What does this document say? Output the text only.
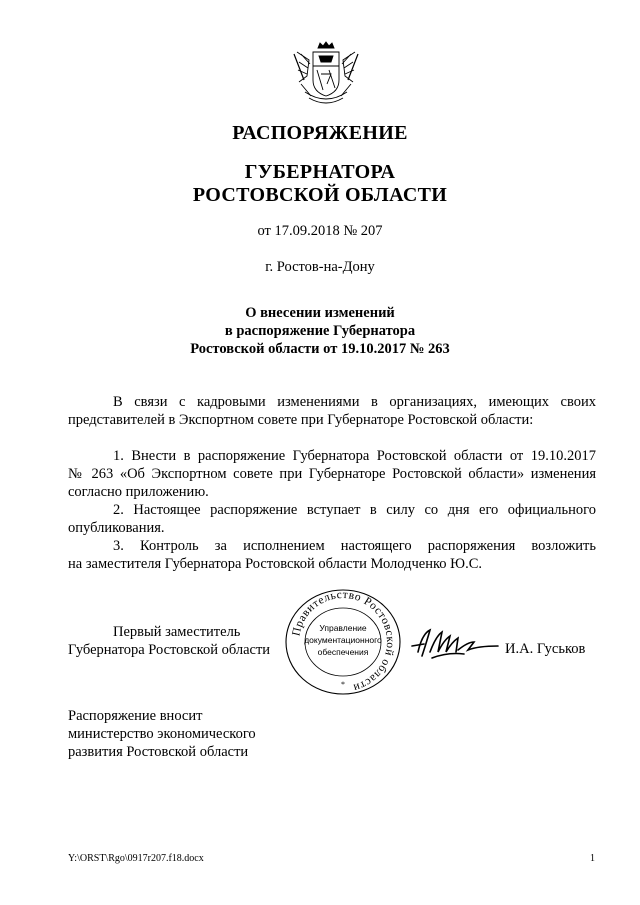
РАСПОРЯЖЕНИЕ
ГУБЕРНАТОРА
РОСТОВСКОЙ ОБЛАСТИ
от 17.09.2018 № 207
г. Ростов-на-Дону
О внесении изменений
в распоряжение Губернатора
Ростовской области от 19.10.2017 № 263
В связи с кадровыми изменениями в организациях, имеющих своих
представителей в Экспортном совете при Губернаторе Ростовской области:
1. Внести в распоряжение Губернатора Ростовской области от 19.10.2017
№ 263 «Об Экспортном совете при Губернаторе Ростовской области» изменения
согласно приложению.
2. Настоящее распоряжение вступает в силу со дня его официального
опубликования.
3. Контроль за исполнением настоящего распоряжения возложить
на заместителя Губернатора Ростовской области Молодченко Ю.С.
Первый заместитель
Губернатора Ростовской области
Правительство Ростовской области
Управление
документационного
обеспечения
*
И.А. Гуськов
Распоряжение вносит
министерство экономического
развития Ростовской области
Y:\ORST\Rgo\0917r207.f18.docx	1
